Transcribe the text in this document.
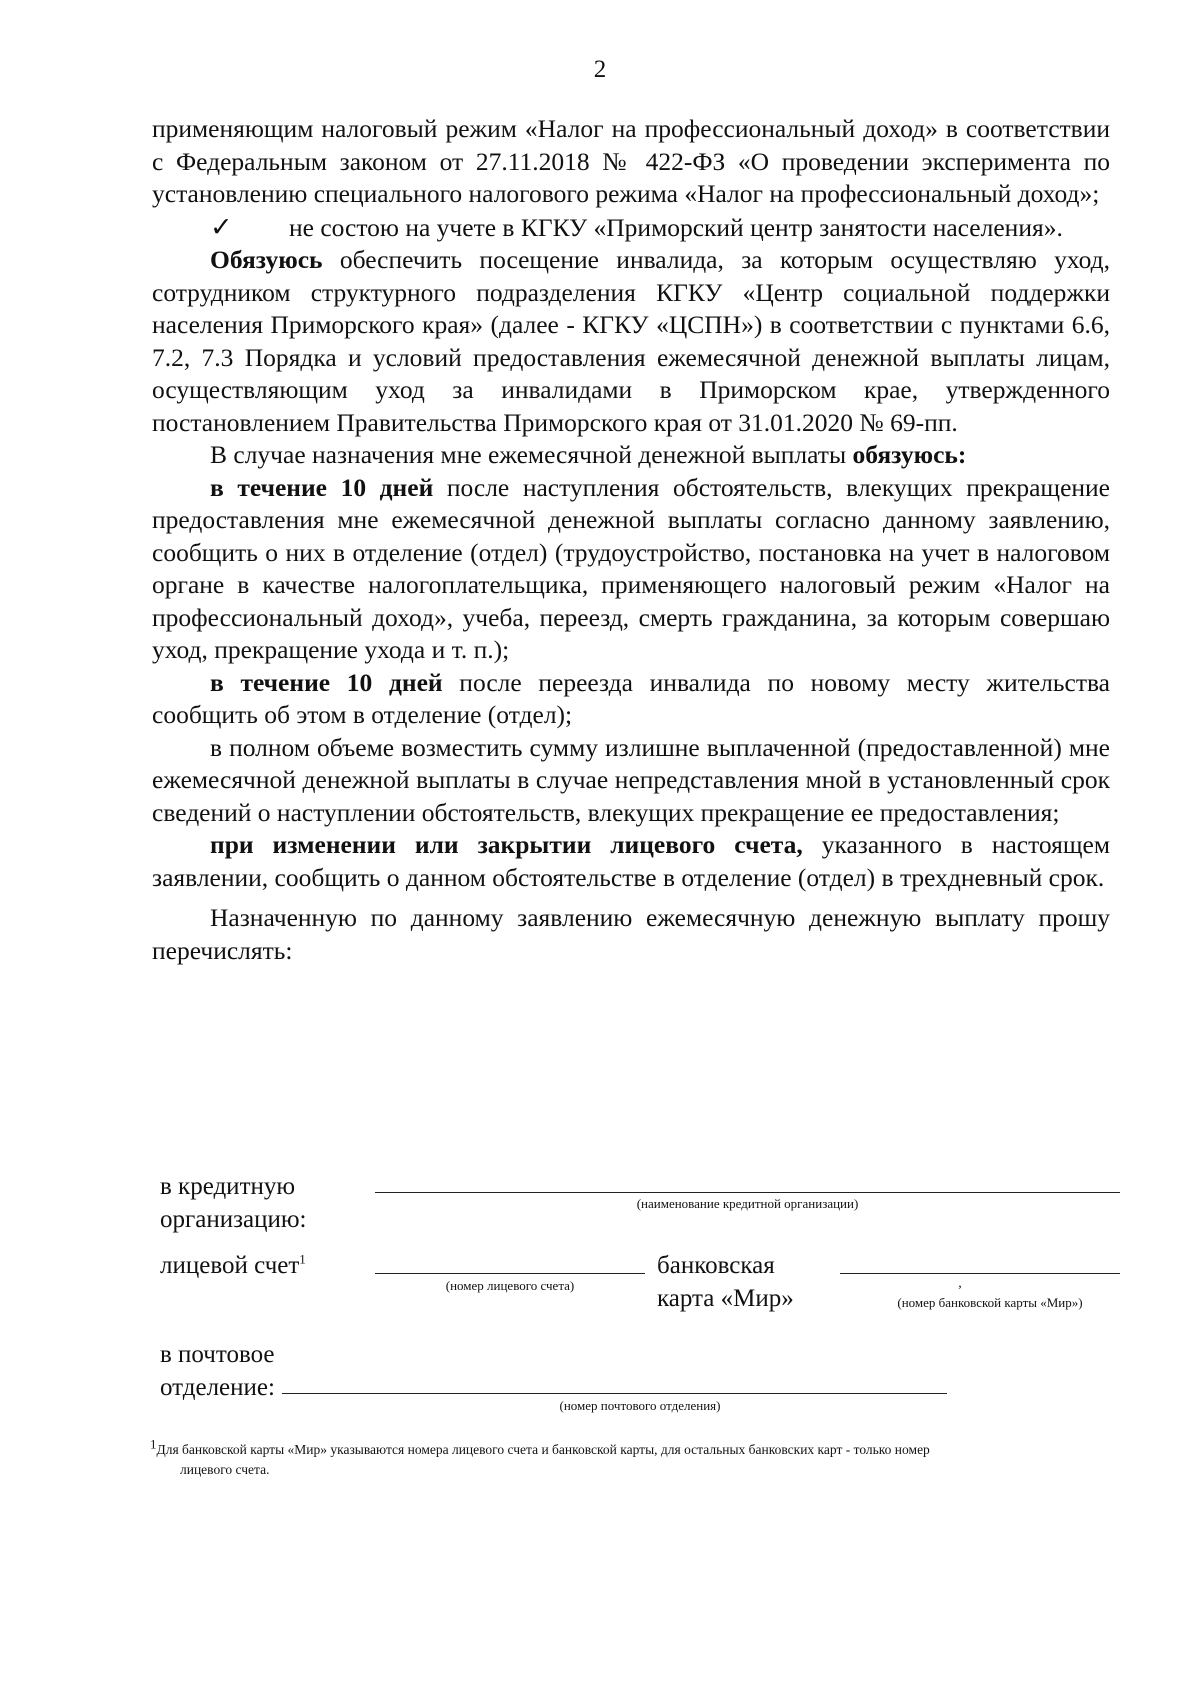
2

применяющим налоговый режим «Налог на профессиональный доход» в соответствии с Федеральным законом от 27.11.2018 № 422-ФЗ «О проведении эксперимента по установлению специального налогового режима «Налог на профессиональный доход»;

✓ не состою на учете в КГКУ «Приморский центр занятости населения».

Обязуюсь обеспечить посещение инвалида, за которым осуществляю уход, сотрудником структурного подразделения КГКУ «Центр социальной поддержки населения Приморского края» (далее - КГКУ «ЦСПН») в соответствии с пунктами 6.6, 7.2, 7.3 Порядка и условий предоставления ежемесячной денежной выплаты лицам, осуществляющим уход за инвалидами в Приморском крае, утвержденного постановлением Правительства Приморского края от 31.01.2020 № 69-пп.

В случае назначения мне ежемесячной денежной выплаты обязуюсь:

в течение 10 дней после наступления обстоятельств, влекущих прекращение предоставления мне ежемесячной денежной выплаты согласно данному заявлению, сообщить о них в отделение (отдел) (трудоустройство, постановка на учет в налоговом органе в качестве налогоплательщика, применяющего налоговый режим «Налог на профессиональный доход», учеба, переезд, смерть гражданина, за которым совершаю уход, прекращение ухода и т. п.);

в течение 10 дней после переезда инвалида по новому месту жительства сообщить об этом в отделение (отдел);

в полном объеме возместить сумму излишне выплаченной (предоставленной) мне ежемесячной денежной выплаты в случае непредставления мной в установленный срок сведений о наступлении обстоятельств, влекущих прекращение ее предоставления;

при изменении или закрытии лицевого счета, указанного в настоящем заявлении, сообщить о данном обстоятельстве в отделение (отдел) в трехдневный срок.

Назначенную по данному заявлению ежемесячную денежную выплату прошу перечислять:

в кредитную
организацию:
(наименование кредитной организации)
лицевой счет$^1$
(номер лицевого счета)
банковская
карта «Мир»
,
(номер банковской карты «Мир»)
в почтовое
отделение:
(номер почтового отделения)
$^1$Для банковской карты «Мир» указываются номера лицевого счета и банковской карты, для остальных банковских карт - только номер
лицевого счета.
